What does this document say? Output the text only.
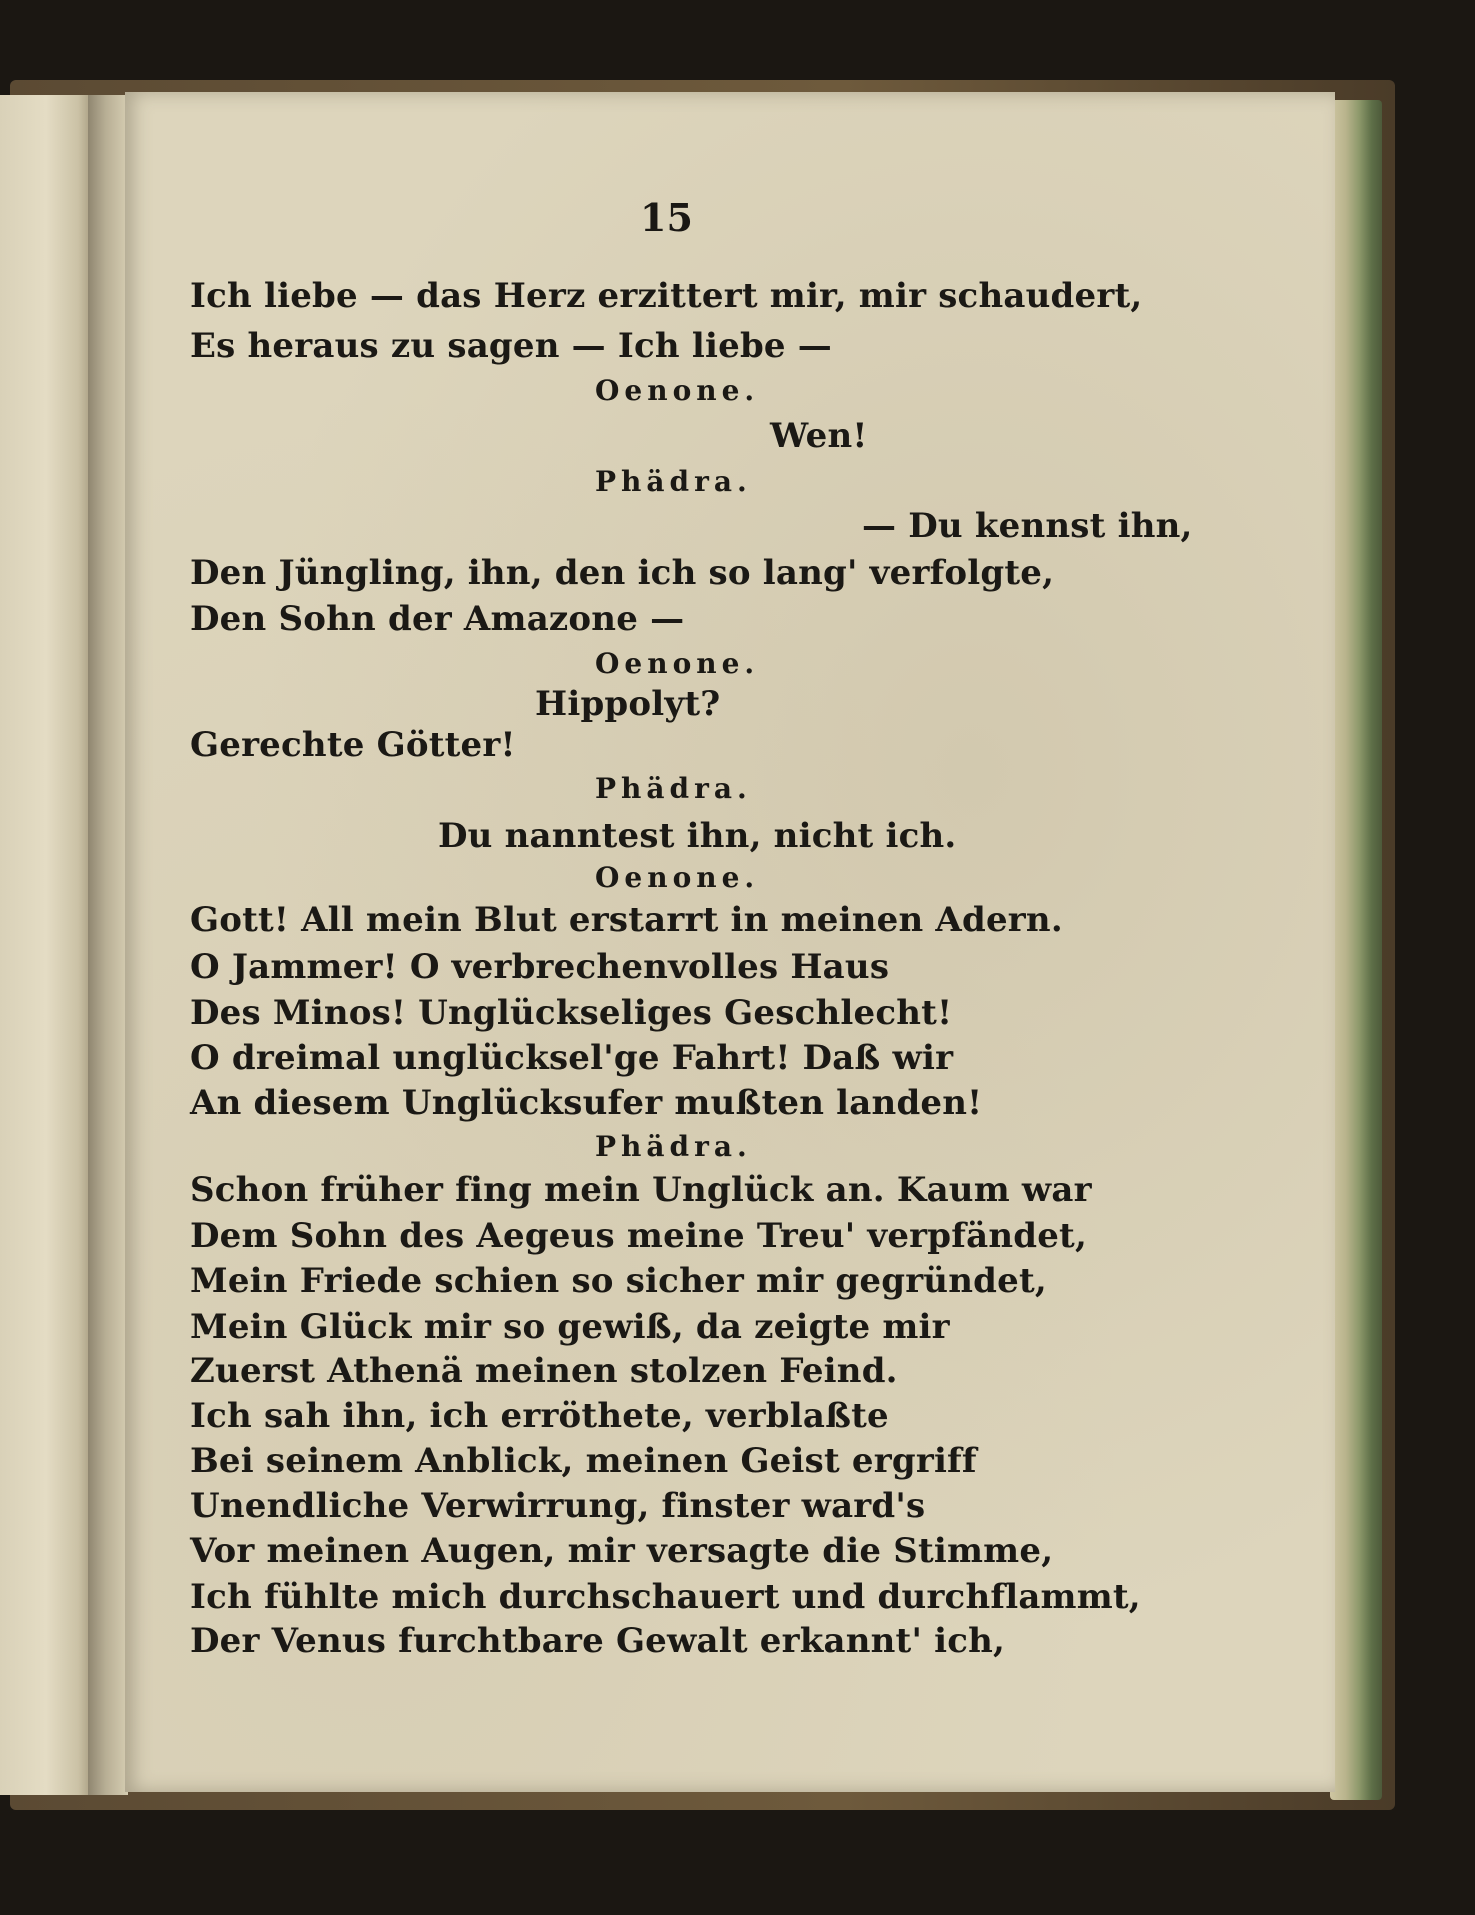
15
Ich liebe — das Herz erzittert mir, mir schaudert,
Es heraus zu sagen — Ich liebe —
Oenone.
Wen!
Phädra.
— Du kennst ihn,
Den Jüngling, ihn, den ich so lang' verfolgte,
Den Sohn der Amazone —
Oenone.
Hippolyt?
Gerechte Götter!
Phädra.
Du nanntest ihn, nicht ich.
Oenone.
Gott! All mein Blut erstarrt in meinen Adern.
O Jammer! O verbrechenvolles Haus
Des Minos! Unglückseliges Geschlecht!
O dreimal unglücksel'ge Fahrt! Daß wir
An diesem Unglücksufer mußten landen!
Phädra.
Schon früher fing mein Unglück an. Kaum war
Dem Sohn des Aegeus meine Treu' verpfändet,
Mein Friede schien so sicher mir gegründet,
Mein Glück mir so gewiß, da zeigte mir
Zuerst Athenä meinen stolzen Feind.
Ich sah ihn, ich erröthete, verblaßte
Bei seinem Anblick, meinen Geist ergriff
Unendliche Verwirrung, finster ward's
Vor meinen Augen, mir versagte die Stimme,
Ich fühlte mich durchschauert und durchflammt,
Der Venus furchtbare Gewalt erkannt' ich,
